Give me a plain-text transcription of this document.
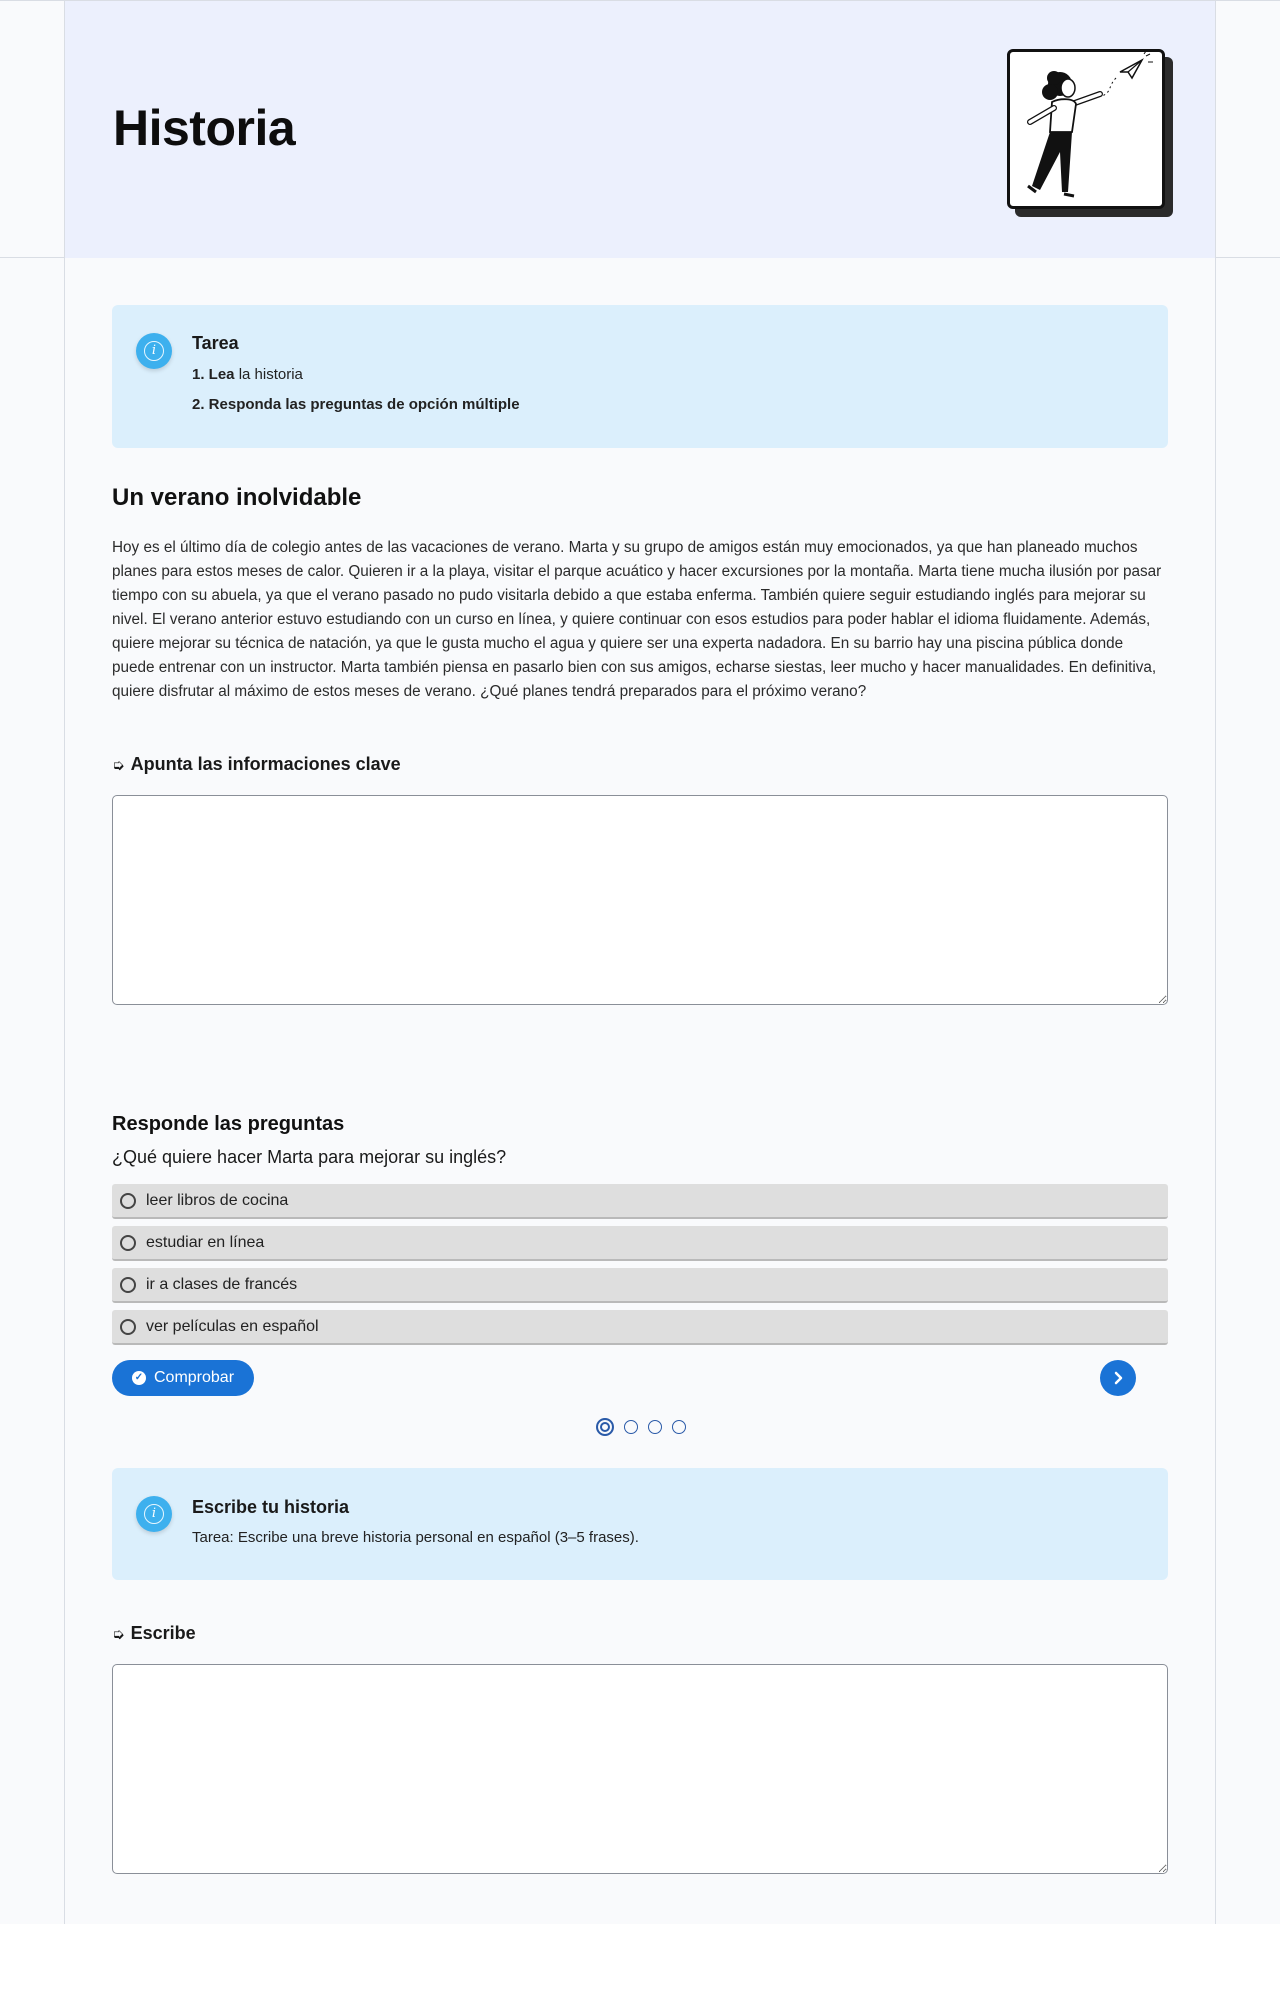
Historia
i	Tarea
1. Lea la historia
2. Responda las preguntas de opción múltiple
Un verano inolvidable

Hoy es el último día de colegio antes de las vacaciones de verano. Marta y su grupo de amigos están muy emocionados, ya que han planeado muchos planes para estos meses de calor. Quieren ir a la playa, visitar el parque acuático y hacer excursiones por la montaña. Marta tiene mucha ilusión por pasar tiempo con su abuela, ya que el verano pasado no pudo visitarla debido a que estaba enferma. También quiere seguir estudiando inglés para mejorar su nivel. El verano anterior estuvo estudiando con un curso en línea, y quiere continuar con esos estudios para poder hablar el idioma fluidamente. Además, quiere mejorar su técnica de natación, ya que le gusta mucho el agua y quiere ser una experta nadadora. En su barrio hay una piscina pública donde puede entrenar con un instructor. Marta también piensa en pasarlo bien con sus amigos, echarse siestas, leer mucho y hacer manualidades. En definitiva, quiere disfrutar al máximo de estos meses de verano. ¿Qué planes tendrá preparados para el próximo verano?

➭ Apunta las informaciones clave
Responde las preguntas
¿Qué quiere hacer Marta para mejorar su inglés?
leer libros de cocina
estudiar en línea
ir a clases de francés
ver películas en español
✓ Comprobar
i	Escribe tu historia
Tarea: Escribe una breve historia personal en español (3–5 frases).
➭ Escribe
